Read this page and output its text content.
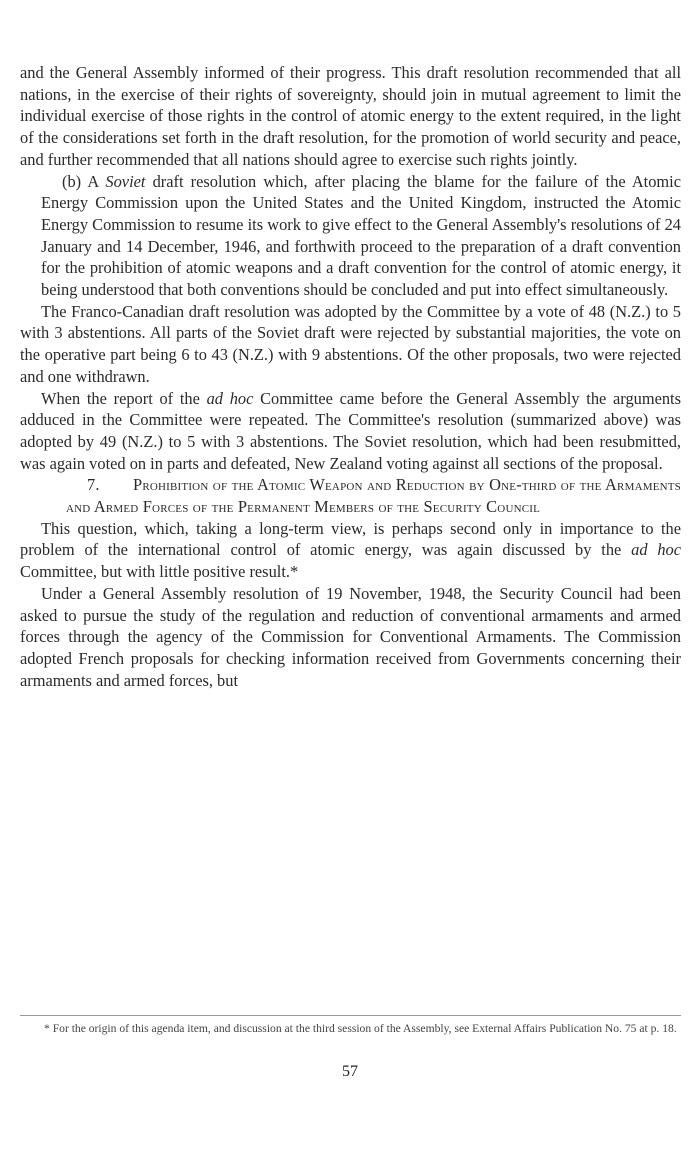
and the General Assembly informed of their progress. This draft resolution recommended that all nations, in the exercise of their rights of sovereignty, should join in mutual agreement to limit the individual exercise of those rights in the control of atomic energy to the extent required, in the light of the considerations set forth in the draft resolution, for the promotion of world security and peace, and further recommended that all nations should agree to exercise such rights jointly.

(b) A Soviet draft resolution which, after placing the blame for the failure of the Atomic Energy Commission upon the United States and the United Kingdom, instructed the Atomic Energy Commission to resume its work to give effect to the General Assembly's resolutions of 24 January and 14 December, 1946, and forthwith proceed to the preparation of a draft convention for the prohibition of atomic weapons and a draft convention for the control of atomic energy, it being understood that both conventions should be concluded and put into effect simultaneously.

The Franco-Canadian draft resolution was adopted by the Committee by a vote of 48 (N.Z.) to 5 with 3 abstentions. All parts of the Soviet draft were rejected by substantial majorities, the vote on the operative part being 6 to 43 (N.Z.) with 9 abstentions. Of the other proposals, two were rejected and one withdrawn.

When the report of the ad hoc Committee came before the General Assembly the arguments adduced in the Committee were repeated. The Committee's resolution (summarized above) was adopted by 49 (N.Z.) to 5 with 3 abstentions. The Soviet resolution, which had been resubmitted, was again voted on in parts and defeated, New Zealand voting against all sections of the proposal.

7. Prohibition of the Atomic Weapon and Reduction by One-third of the Armaments and Armed Forces of the Permanent Members of the Security Council

This question, which, taking a long-term view, is perhaps second only in importance to the problem of the international control of atomic energy, was again discussed by the ad hoc Committee, but with little positive result.*

Under a General Assembly resolution of 19 November, 1948, the Security Council had been asked to pursue the study of the regulation and reduction of conventional armaments and armed forces through the agency of the Commission for Conventional Armaments. The Commission adopted French proposals for checking information received from Governments concerning their armaments and armed forces, but

* For the origin of this agenda item, and discussion at the third session of the Assembly, see External Affairs Publication No. 75 at p. 18.
57
